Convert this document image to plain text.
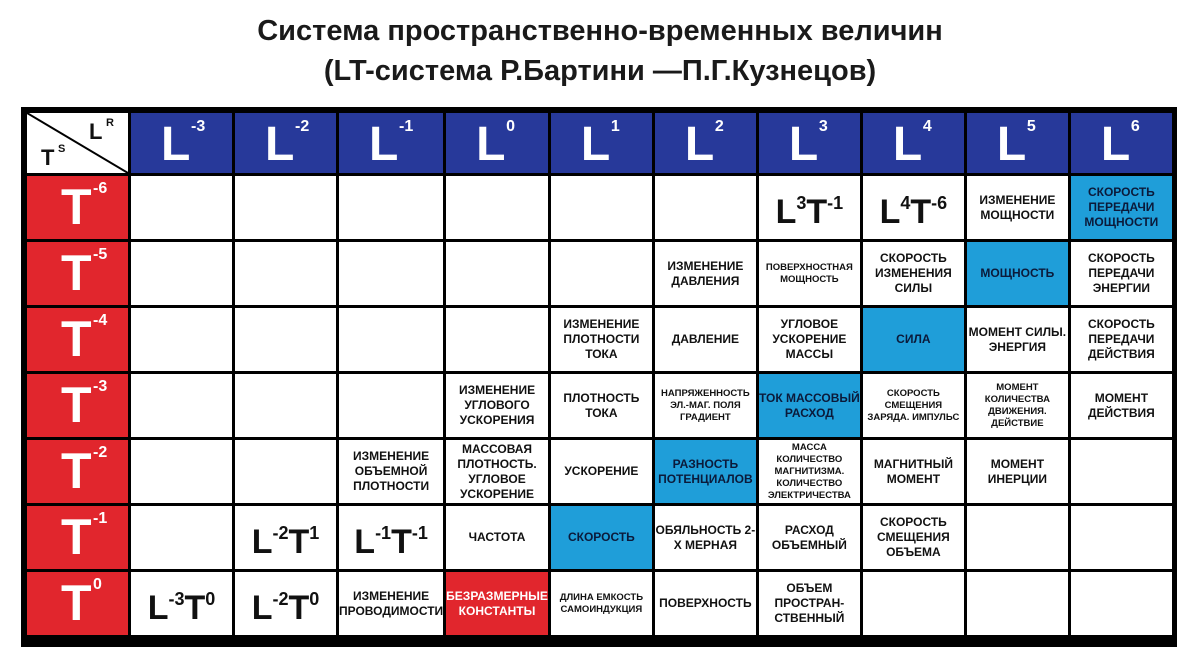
Система пространственно-временных величин
(LT-система Р.Бартини —П.Г.Кузнецов)
T S
L R	L -3	L -2	L -1	L 0	L 1	L 2	L 3	L 4	L 5	L 6

T -6							$L^3T^{-1}$	$L^4T^{-6}$	ИЗМЕНЕНИЕ МОЩНОСТИ	СКОРОСТЬ ПЕРЕДАЧИ МОЩНОСТИ

T -5						ИЗМЕНЕНИЕ ДАВЛЕНИЯ	ПОВЕРХНОСТНАЯ МОЩНОСТЬ	СКОРОСТЬ ИЗМЕНЕНИЯ СИЛЫ	МОЩНОСТЬ	СКОРОСТЬ ПЕРЕДАЧИ ЭНЕРГИИ

T -4					ИЗМЕНЕНИЕ ПЛОТНОСТИ ТОКА	ДАВЛЕНИЕ	УГЛОВОЕ УСКОРЕНИЕ МАССЫ	СИЛА	МОМЕНТ СИЛЫ. ЭНЕРГИЯ	СКОРОСТЬ ПЕРЕДАЧИ ДЕЙСТВИЯ

T -3				ИЗМЕНЕНИЕ УГЛОВОГО УСКОРЕНИЯ	ПЛОТНОСТЬ ТОКА	НАПРЯЖЕННОСТЬ ЭЛ.-МАГ. ПОЛЯ ГРАДИЕНТ	ТОК МАССОВЫЙ РАСХОД	СКОРОСТЬ СМЕЩЕНИЯ ЗАРЯДА. ИМПУЛЬС	МОМЕНТ КОЛИЧЕСТВА ДВИЖЕНИЯ. ДЕЙСТВИЕ	МОМЕНТ ДЕЙСТВИЯ

T -2			ИЗМЕНЕНИЕ ОБЪЕМНОЙ ПЛОТНОСТИ	МАССОВАЯ ПЛОТНОСТЬ. УГЛОВОЕ УСКОРЕНИЕ	УСКОРЕНИЕ	РАЗНОСТЬ ПОТЕНЦИАЛОВ	МАССА КОЛИЧЕСТВО МАГНИТИЗМА. КОЛИЧЕСТВО ЭЛЕКТРИЧЕСТВА	МАГНИТНЫЙ МОМЕНТ	МОМЕНТ ИНЕРЦИИ	

T -1		$L^{-2}T^1$	$L^{-1}T^{-1}$	ЧАСТОТА	СКОРОСТЬ	ОБЯЛЬНОСТЬ 2-Х МЕРНАЯ	РАСХОД ОБЪЕМНЫЙ	СКОРОСТЬ СМЕЩЕНИЯ ОБЪЕМА		

T 0	$L^{-3}T^0$	$L^{-2}T^0$	ИЗМЕНЕНИЕ ПРОВОДИМОСТИ	БЕЗРАЗМЕРНЫЕ КОНСТАНТЫ	ДЛИНА ЕМКОСТЬ САМОИНДУКЦИЯ	ПОВЕРХНОСТЬ	ОБЪЕМ ПРОСТРАН-СТВЕННЫЙ			
